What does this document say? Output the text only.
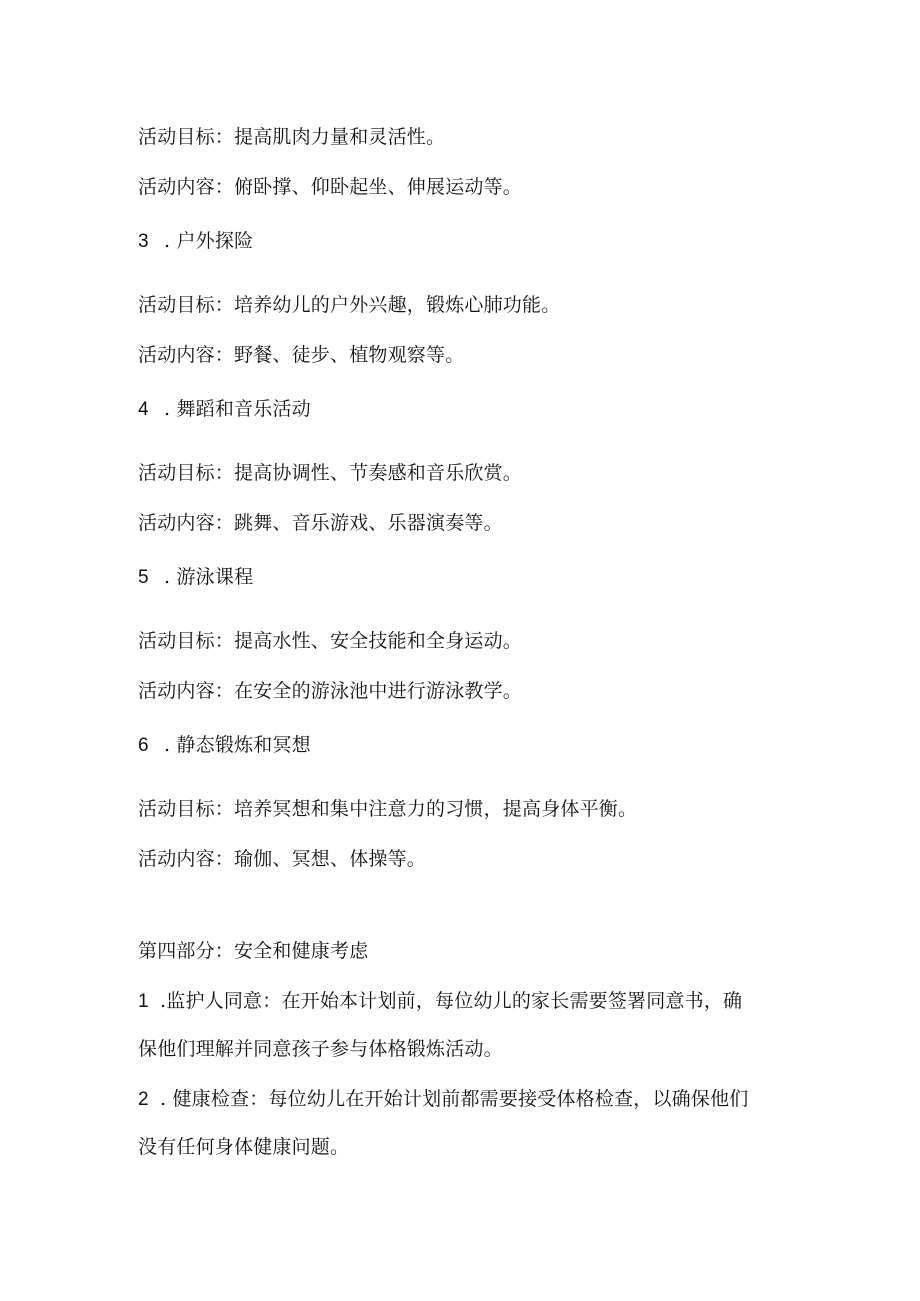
活动目标：提高肌肉力量和灵活性。
活动内容：俯卧撑、仰卧起坐、伸展运动等。
3 . 户外探险
活动目标：培养幼儿的户外兴趣，锻炼心肺功能。
活动内容：野餐、徒步、植物观察等。
4 . 舞蹈和音乐活动
活动目标：提高协调性、节奏感和音乐欣赏。
活动内容：跳舞、音乐游戏、乐器演奏等。
5 . 游泳课程
活动目标：提高水性、安全技能和全身运动。
活动内容：在安全的游泳池中进行游泳教学。
6 . 静态锻炼和冥想
活动目标：培养冥想和集中注意力的习惯，提高身体平衡。
活动内容：瑜伽、冥想、体操等。
第四部分：安全和健康考虑
1 .监护人同意：在开始本计划前，每位幼儿的家长需要签署同意书，确
保他们理解并同意孩子参与体格锻炼活动。
2 . 健康检查：每位幼儿在开始计划前都需要接受体格检查，以确保他们
没有任何身体健康问题。
